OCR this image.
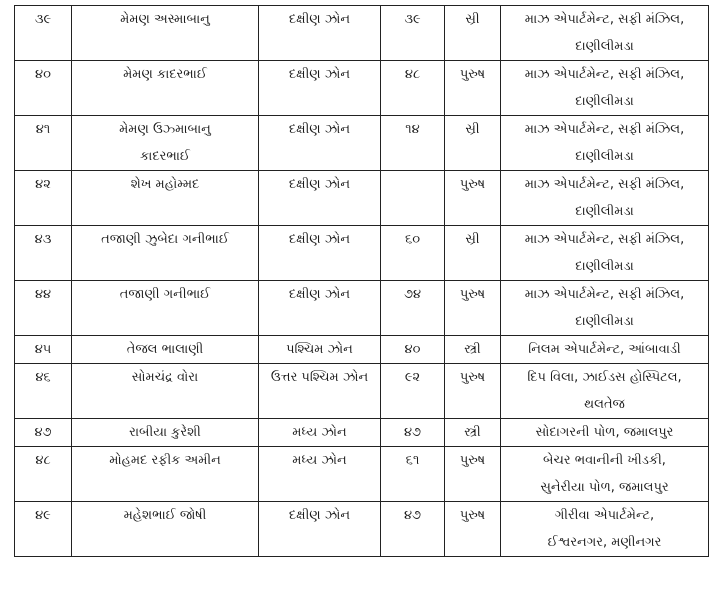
૩૯	મેમણ અસ્માબાનુ	દક્ષીણ ઝોન	૩૯	સ્રી	માઝ એપાર્ટમેન્ટ, સફી મંઝિલ,
દાણીલીમડા

૪૦	મેમણ કાદરભાઈ	દક્ષીણ ઝોન	૪૮	પુરુષ	માઝ એપાર્ટમેન્ટ, સફી મંઝિલ,
દાણીલીમડા

૪૧	મેમણ ઉઝ્માબાનુ
કાદરભાઈ	દક્ષીણ ઝોન	૧૪	સ્રી	માઝ એપાર્ટમેન્ટ, સફી મંઝિલ,
દાણીલીમડા

૪૨	શેખ મહોમ્મદ	દક્ષીણ ઝોન		પુરુષ	માઝ એપાર્ટમેન્ટ, સફી મંઝિલ,
દાણીલીમડા

૪૩	તજાણી ઝુબેદા ગનીભાઈ	દક્ષીણ ઝોન	૬૦	સ્રી	માઝ એપાર્ટમેન્ટ, સફી મંઝિલ,
દાણીલીમડા

૪૪	તજાણી ગનીભાઈ	દક્ષીણ ઝોન	૭૪	પુરુષ	માઝ એપાર્ટમેન્ટ, સફી મંઝિલ,
દાણીલીમડા

૪૫	તેજલ ભાલાણી	પશ્ચિમ ઝોન	૪૦	સ્ત્રી	નિલમ એપાર્ટમેન્ટ, આંબાવાડી

૪૬	સોમચંદ્ર વોરા	ઉત્તર પશ્ચિમ ઝોન	૯૨	પુરુષ	દિપ વિલા, ઝાઈડસ હોસ્પિટલ,
થલતેજ

૪૭	રાબીયા કુરેશી	મધ્ય ઝોન	૪૭	સ્ત્રી	સોદાગરની પોળ, જમાલપુર

૪૮	મોહમદ રફીક અમીન	મધ્ય ઝોન	૬૧	પુરુષ	બેચર ભવાનીની ખીડકી,
સુનેરીયા પોળ, જમાલપુર

૪૯	મહેશભાઈ જોષી	દક્ષીણ ઝોન	૪૭	પુરુષ	ગીરીવા એપાર્ટમેન્ટ,
ઈશ્વરનગર, મણીનગર
